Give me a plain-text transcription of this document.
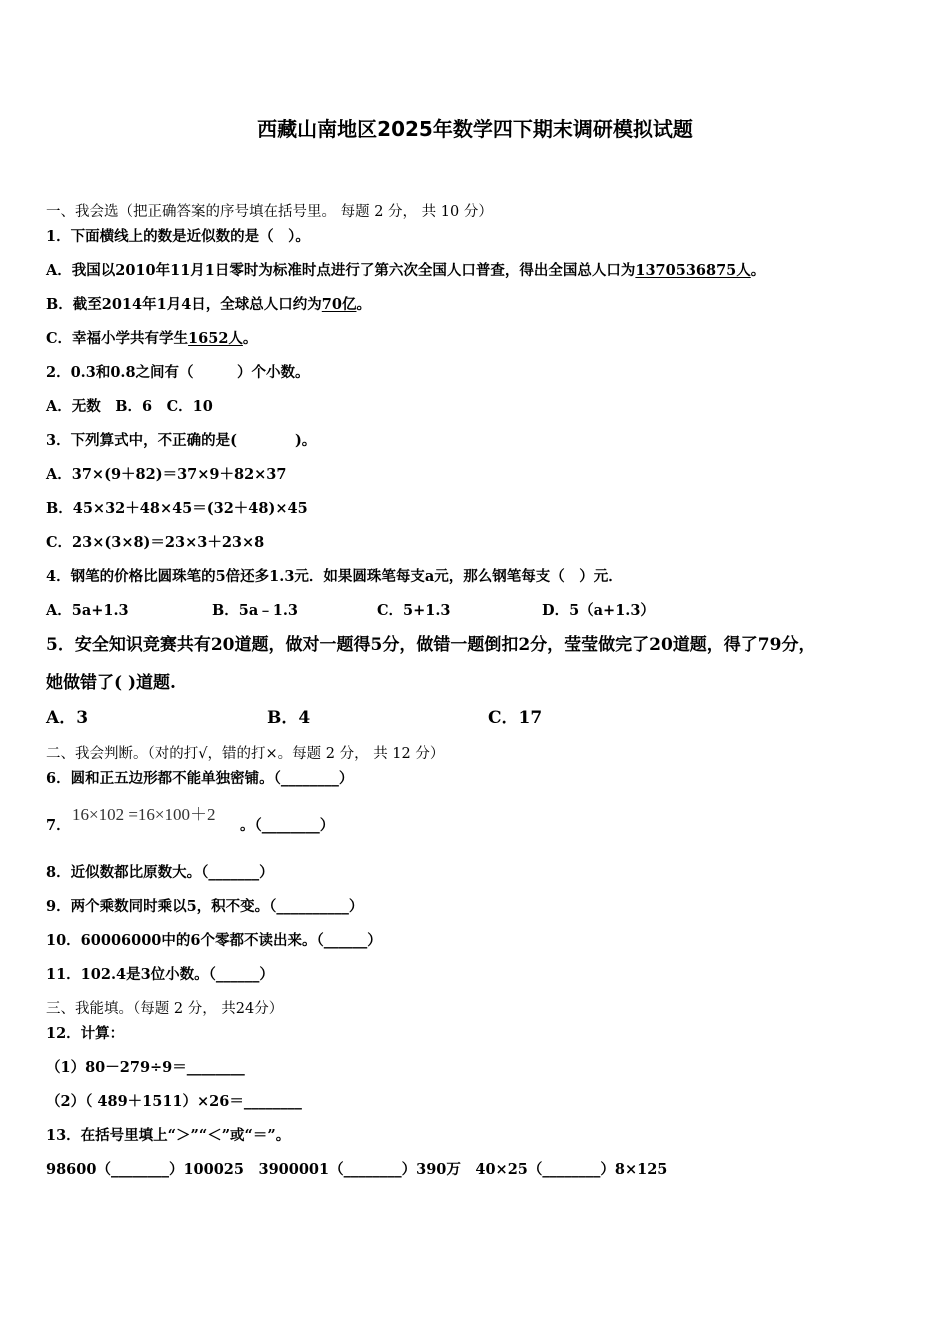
西藏山南地区2025年数学四下期末调研模拟试题
一、我会选（把正确答案的序号填在括号里。 每题 2 分， 共 10 分）
1．下面横线上的数是近似数的是（　）。
A．我国以2010年11月1日零时为标准时点进行了第六次全国人口普查，得出全国总人口为1370536875人。
B．截至2014年1月4日，全球总人口约为70亿。
C．幸福小学共有学生1652人。
2．0.3和0.8之间有（　　　）个小数。
A．无数　B．6　C．10
3．下列算式中，不正确的是(　　　　)。
A．37×(9＋82)＝37×9＋82×37
B．45×32＋48×45＝(32＋48)×45
C．23×(3×8)＝23×3＋23×8
4．钢笔的价格比圆珠笔的5倍还多1.3元．如果圆珠笔每支a元，那么钢笔每支（　）元．
A．5a+1.3	B．5a﹣1.3	C．5+1.3	D．5（a+1.3）
5．安全知识竞赛共有20道题，做对一题得5分，做错一题倒扣2分，莹莹做完了20道题，得了79分，
她做错了( )道题.
A．3	B．4	C．17
二、我会判断。（对的打√，错的打×。每题 2 分， 共 12 分）
6．圆和正五边形都不能单独密铺。（________）
7．
16×102 =16×100＋2
。（________）
8．近似数都比原数大。（_______）
9．两个乘数同时乘以5，积不变。（__________）
10．60006000中的6个零都不读出来。（______）
11．102.4是3位小数。（______）
三、我能填。（每题 2 分， 共24分）
12．计算：
（1）80－279÷9＝________
（2）（ 489＋1511）×26＝________
13．在括号里填上“＞”“＜”或“＝”。
98600（________）100025　3900001（________）390万　40×25（________）8×125
